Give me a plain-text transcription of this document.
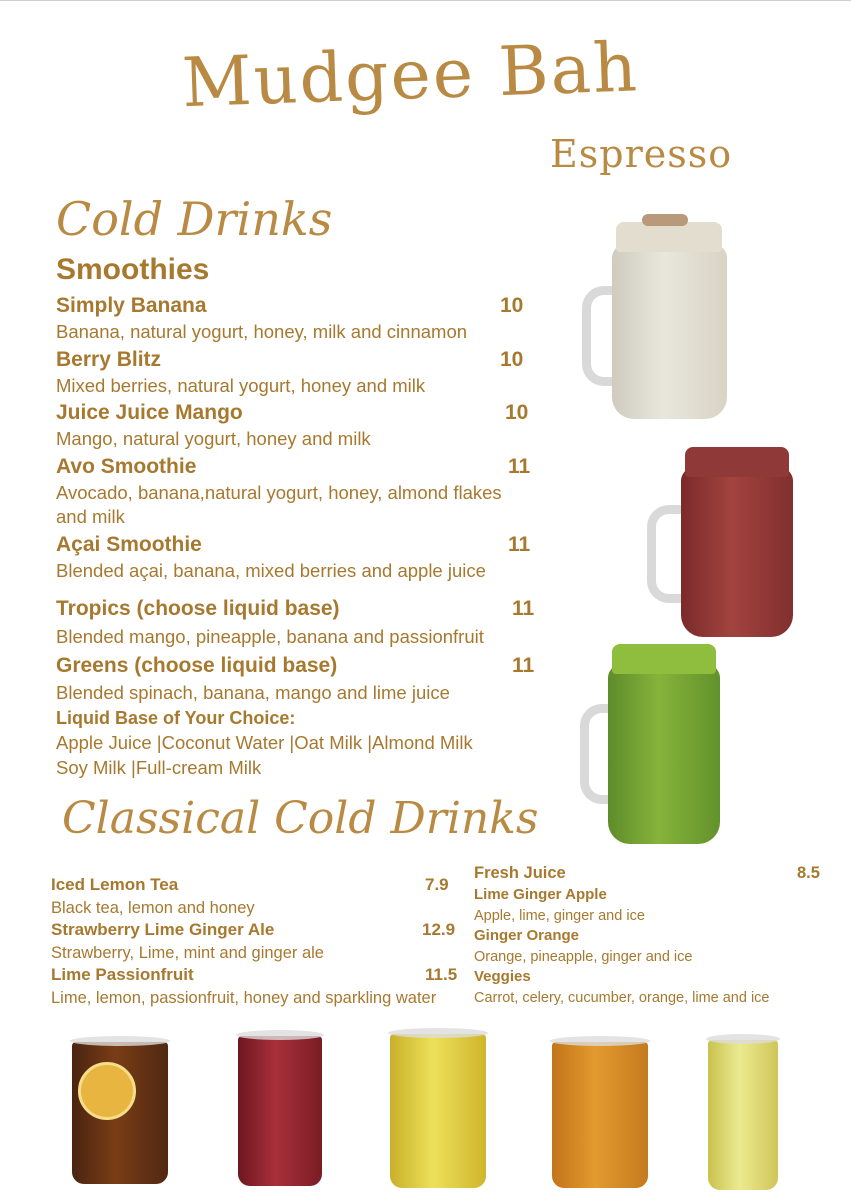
Mudgee Bah
Espresso
Cold Drinks
Smoothies
Simply Banana	10
Banana, natural yogurt, honey, milk and cinnamon
Berry Blitz	10
Mixed berries, natural yogurt, honey and milk
Juice Juice Mango	10
Mango, natural yogurt, honey and milk
Avo Smoothie	11
Avocado, banana,natural yogurt, honey, almond flakes and milk
Açai Smoothie	11
Blended açai, banana, mixed berries and apple juice
Tropics (choose liquid base)	11
Blended mango, pineapple, banana and passionfruit
Greens (choose liquid base)	11
Blended spinach, banana, mango and lime juice
Liquid Base of Your Choice:
Apple Juice |Coconut Water |Oat Milk |Almond Milk
Soy Milk |Full-cream Milk
Classical Cold Drinks
Iced Lemon Tea	7.9
Black tea, lemon and honey
Strawberry Lime Ginger Ale	12.9
Strawberry, Lime, mint and ginger ale
Lime Passionfruit	11.5
Lime, lemon, passionfruit, honey and sparkling water
Fresh Juice	8.5
Lime Ginger Apple
Apple, lime, ginger and ice
Ginger Orange
Orange, pineapple, ginger and ice
Veggies
Carrot, celery, cucumber, orange, lime and ice
